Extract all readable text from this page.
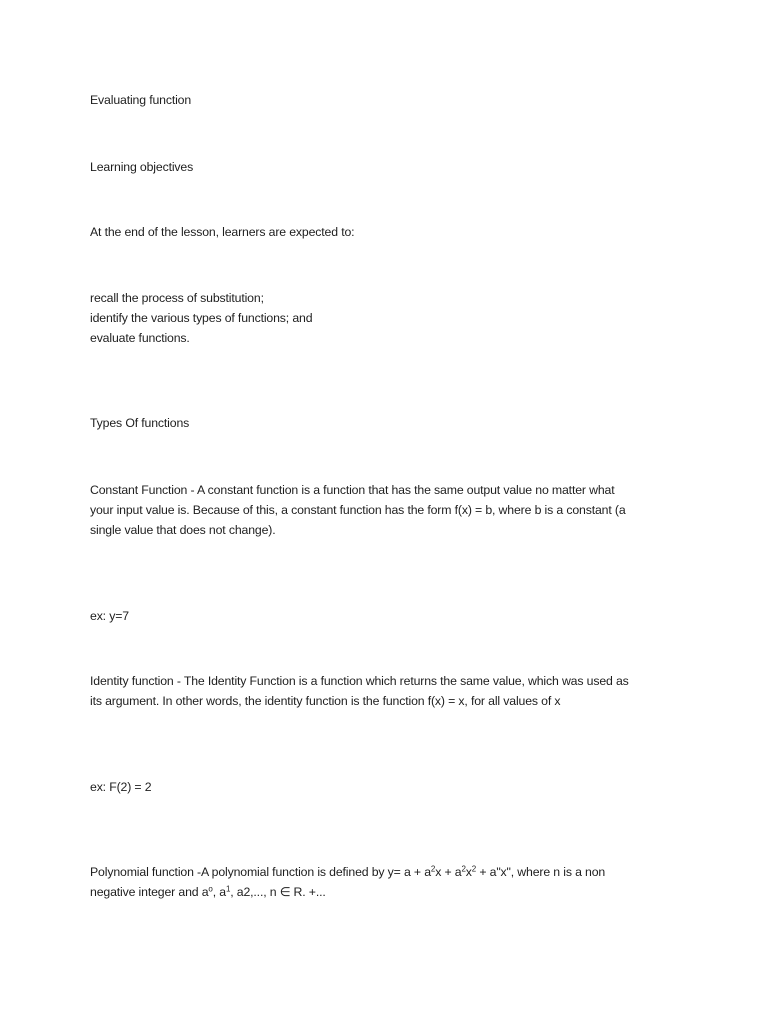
Evaluating function

Learning objectives

At the end of the lesson, learners are expected to:

recall the process of substitution;
identify the various types of functions; and
evaluate functions.

Types Of functions

Constant Function - A constant function is a function that has the same output value no matter what
your input value is. Because of this, a constant function has the form f(x) = b, where b is a constant (a
single value that does not change).

ex: y=7

Identity function - The Identity Function is a function which returns the same value, which was used as
its argument. In other words, the identity function is the function f(x) = x, for all values of x

ex: F(2) = 2

Polynomial function -A polynomial function is defined by $y= a + a^2x + a^2x^2$ + a"x", where n is a non
negative integer and $a^o$, $a^1$, a2,..., n ∈ R. +...
